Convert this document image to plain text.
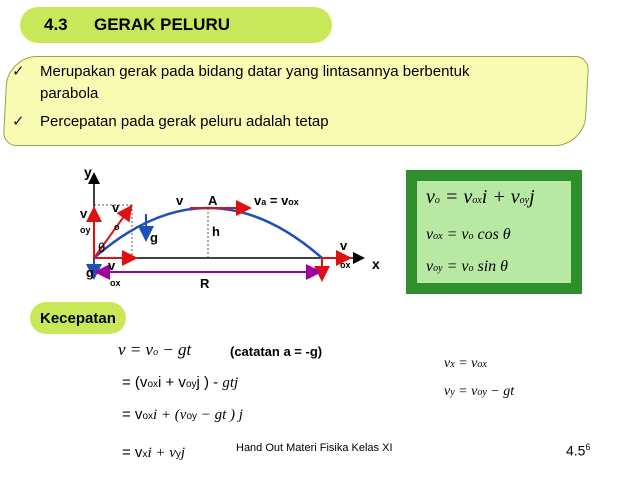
4.3 GERAK PELURU
✓ Merupakan gerak pada bidang datar yang lintasannya berbentuk
parabola
✓ Percepatan pada gerak peluru adalah tetap
y
x
v
oy
v
o
v A	va = vox
g	h
θ
v
ox
g
R
v
ox
vo = voxi + voyj
vox = vo cos θ
voy = vo sin θ
Kecepatan
v = vo − gt	(catatan a = -g)
= (voxi + voyj ) - gtj
= voxi + (voy − gt ) j
= vxi + vyj
vx = vox
vy = voy − gt
Hand Out Materi Fisika Kelas XI	$4.5^6$
